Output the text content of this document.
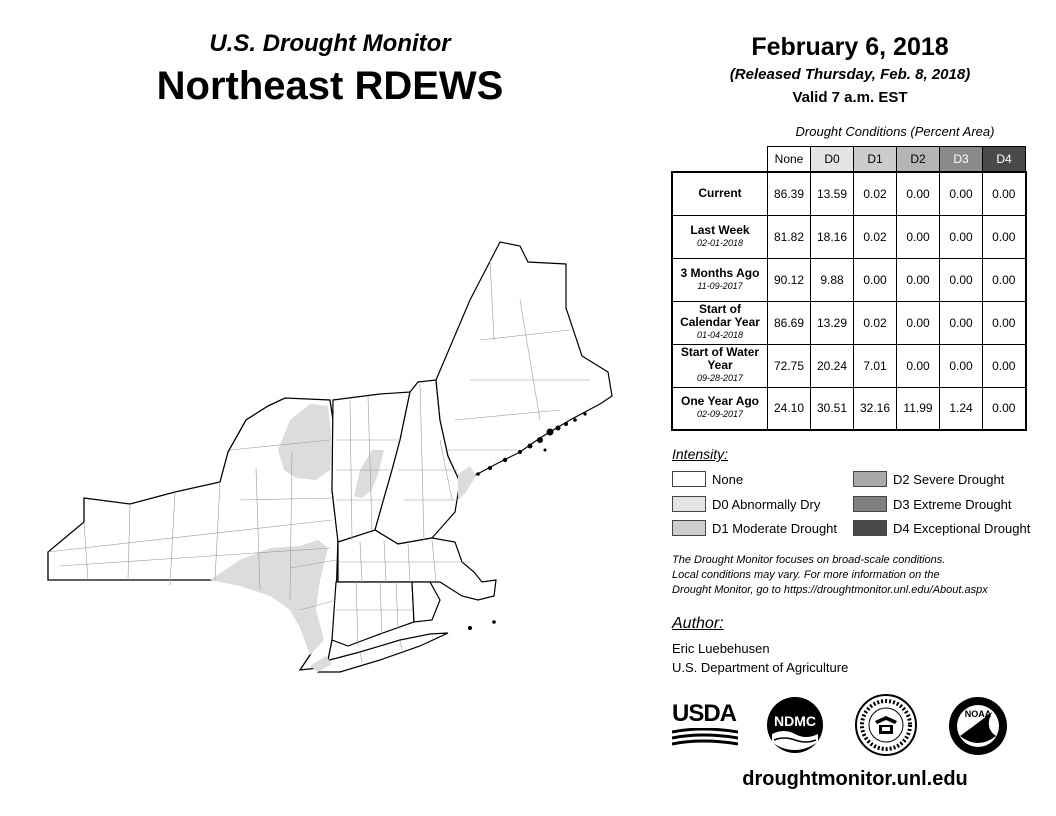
U.S. Drought Monitor
Northeast RDEWS
February 6, 2018
(Released Thursday, Feb. 8, 2018)
Valid 7 a.m. EST
Drought Conditions (Percent Area)
	None	D0	D1	D2	D3	D4
Current	86.39	13.59	0.02	0.00	0.00	0.00
Last Week
02-01-2018	81.82	18.16	0.02	0.00	0.00	0.00
3 Months Ago
11-09-2017	90.12	9.88	0.00	0.00	0.00	0.00
Start of Calendar Year
01-04-2018	86.69	13.29	0.02	0.00	0.00	0.00
Start of Water Year
09-28-2017	72.75	20.24	7.01	0.00	0.00	0.00
One Year Ago
02-09-2017	24.10	30.51	32.16	11.99	1.24	0.00
Intensity:
None
D0 Abnormally Dry
D1 Moderate Drought
D2 Severe Drought
D3 Extreme Drought
D4 Exceptional Drought
The Drought Monitor focuses on broad-scale conditions.
Local conditions may vary. For more information on the
Drought Monitor, go to https://droughtmonitor.unl.edu/About.aspx
Author:
Eric Luebehusen
U.S. Department of Agriculture
USDA	NDMC	NOAA
droughtmonitor.unl.edu
